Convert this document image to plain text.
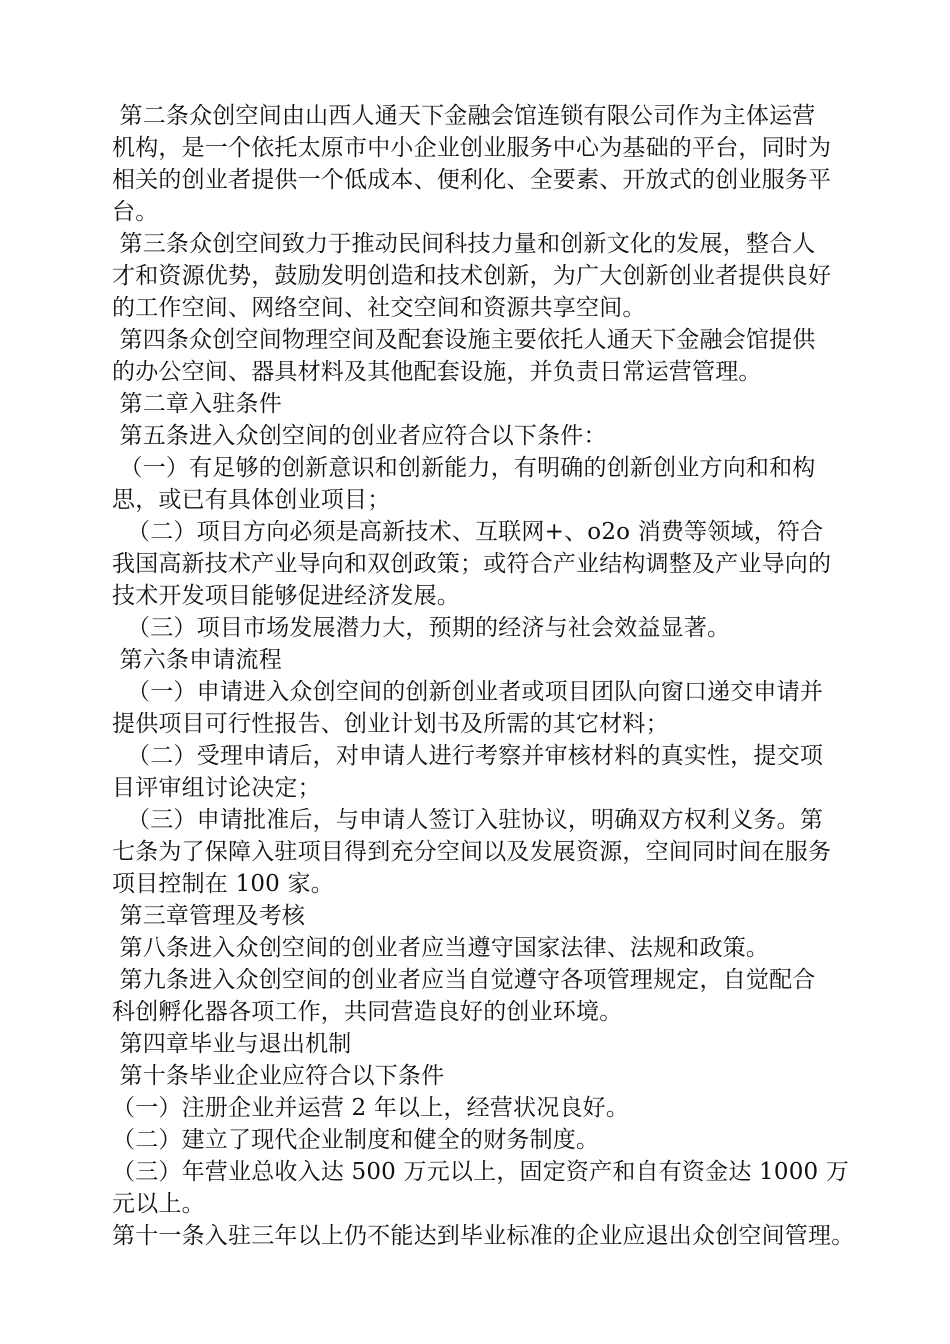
第二条众创空间由山西人通天下金融会馆连锁有限公司作为主体运营
机构，是一个依托太原市中小企业创业服务中心为基础的平台，同时为
相关的创业者提供一个低成本、便利化、全要素、开放式的创业服务平
台。
第三条众创空间致力于推动民间科技力量和创新文化的发展，整合人
才和资源优势，鼓励发明创造和技术创新，为广大创新创业者提供良好
的工作空间、网络空间、社交空间和资源共享空间。
第四条众创空间物理空间及配套设施主要依托人通天下金融会馆提供
的办公空间、器具材料及其他配套设施，并负责日常运营管理。
第二章入驻条件
第五条进入众创空间的创业者应符合以下条件：
（一）有足够的创新意识和创新能力，有明确的创新创业方向和和构
思，或已有具体创业项目；
（二）项目方向必须是高新技术、互联网+、o2o 消费等领域，符合
我国高新技术产业导向和双创政策；或符合产业结构调整及产业导向的
技术开发项目能够促进经济发展。
（三）项目市场发展潜力大，预期的经济与社会效益显著。
第六条申请流程
（一）申请进入众创空间的创新创业者或项目团队向窗口递交申请并
提供项目可行性报告、创业计划书及所需的其它材料；
（二）受理申请后，对申请人进行考察并审核材料的真实性，提交项
目评审组讨论决定；
（三）申请批准后，与申请人签订入驻协议，明确双方权利义务。第
七条为了保障入驻项目得到充分空间以及发展资源，空间同时间在服务
项目控制在 100 家。
第三章管理及考核
第八条进入众创空间的创业者应当遵守国家法律、法规和政策。
第九条进入众创空间的创业者应当自觉遵守各项管理规定，自觉配合
科创孵化器各项工作，共同营造良好的创业环境。
第四章毕业与退出机制
第十条毕业企业应符合以下条件
（一）注册企业并运营 2 年以上，经营状况良好。
（二）建立了现代企业制度和健全的财务制度。
（三）年营业总收入达 500 万元以上，固定资产和自有资金达 1000 万
元以上。
第十一条入驻三年以上仍不能达到毕业标准的企业应退出众创空间管理。
